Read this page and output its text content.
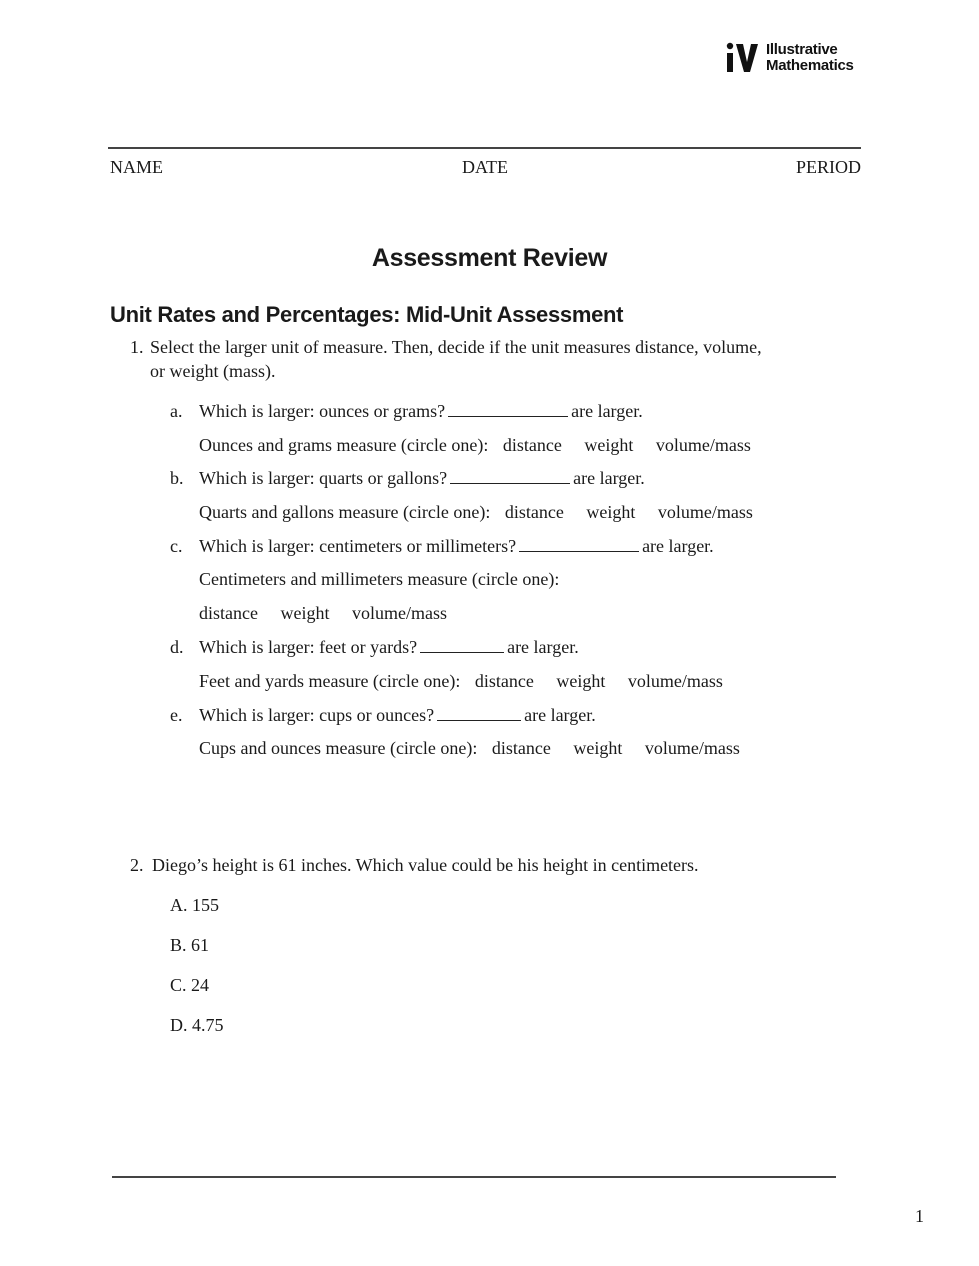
Illustrative
Mathematics
NAME	DATE	PERIOD
Assessment Review
Unit Rates and Percentages: Mid-Unit Assessment
1. Select the larger unit of measure. Then, decide if the unit measures distance, volume,
or weight (mass).
a. Which is larger: ounces or grams?	are larger.
Ounces and grams measure (circle one): distance weight volume/mass
b. Which is larger: quarts or gallons?	are larger.
Quarts and gallons measure (circle one): distance weight volume/mass
c. Which is larger: centimeters or millimeters?	are larger.
Centimeters and millimeters measure (circle one):
distance weight volume/mass
d. Which is larger: feet or yards?	are larger.
Feet and yards measure (circle one): distance weight volume/mass
e. Which is larger: cups or ounces?	are larger.
Cups and ounces measure (circle one): distance weight volume/mass
2. Diego’s height is 61 inches. Which value could be his height in centimeters.
A. 155
B. 61
C. 24
D. 4.75
1
